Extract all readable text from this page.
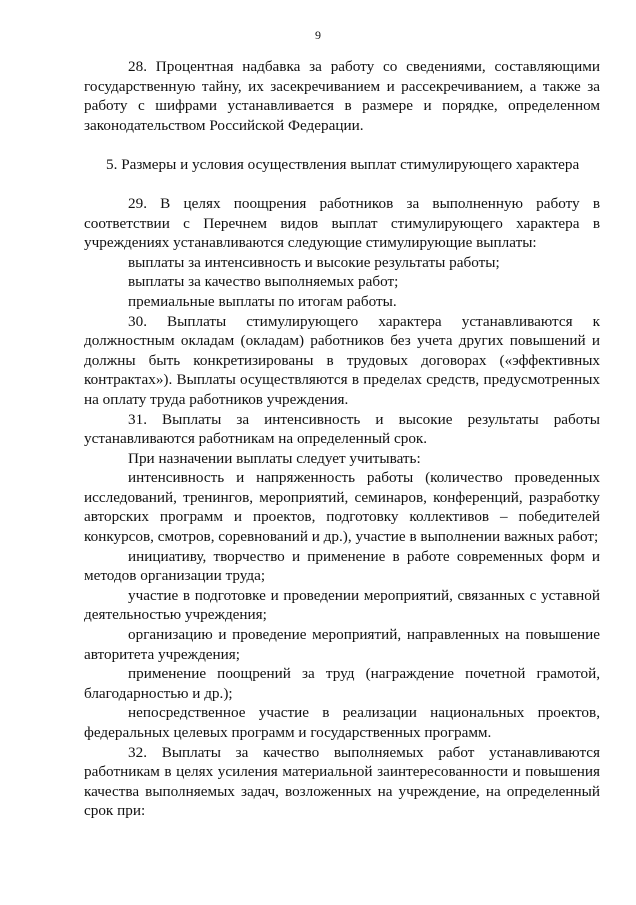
9

28. Процентная надбавка за работу со сведениями, составляющими государственную тайну, их засекречиванием и рассекречиванием, а также за работу с шифрами устанавливается в размере и порядке, определенном законодательством Российской Федерации.

5. Размеры и условия осуществления выплат стимулирующего характера

29. В целях поощрения работников за выполненную работу в соответствии с Перечнем видов выплат стимулирующего характера в учреждениях устанавливаются следующие стимулирующие выплаты:

выплаты за интенсивность и высокие результаты работы;

выплаты за качество выполняемых работ;

премиальные выплаты по итогам работы.

30. Выплаты стимулирующего характера устанавливаются к должностным окладам (окладам) работников без учета других повышений и должны быть конкретизированы в трудовых договорах («эффективных контрактах»). Выплаты осуществляются в пределах средств, предусмотренных на оплату труда работников учреждения.

31. Выплаты за интенсивность и высокие результаты работы устанавливаются работникам на определенный срок.

При назначении выплаты следует учитывать:

интенсивность и напряженность работы (количество проведенных исследований, тренингов, мероприятий, семинаров, конференций, разработку авторских программ и проектов, подготовку коллективов – победителей конкурсов, смотров, соревнований и др.), участие в выполнении важных работ;

инициативу, творчество и применение в работе современных форм и методов организации труда;

участие в подготовке и проведении мероприятий, связанных с уставной деятельностью учреждения;

организацию и проведение мероприятий, направленных на повышение авторитета учреждения;

применение поощрений за труд (награждение почетной грамотой, благодарностью и др.);

непосредственное участие в реализации национальных проектов, федеральных целевых программ и государственных программ.

32. Выплаты за качество выполняемых работ устанавливаются работникам в целях усиления материальной заинтересованности и повышения качества выполняемых задач, возложенных на учреждение, на определенный срок при:
